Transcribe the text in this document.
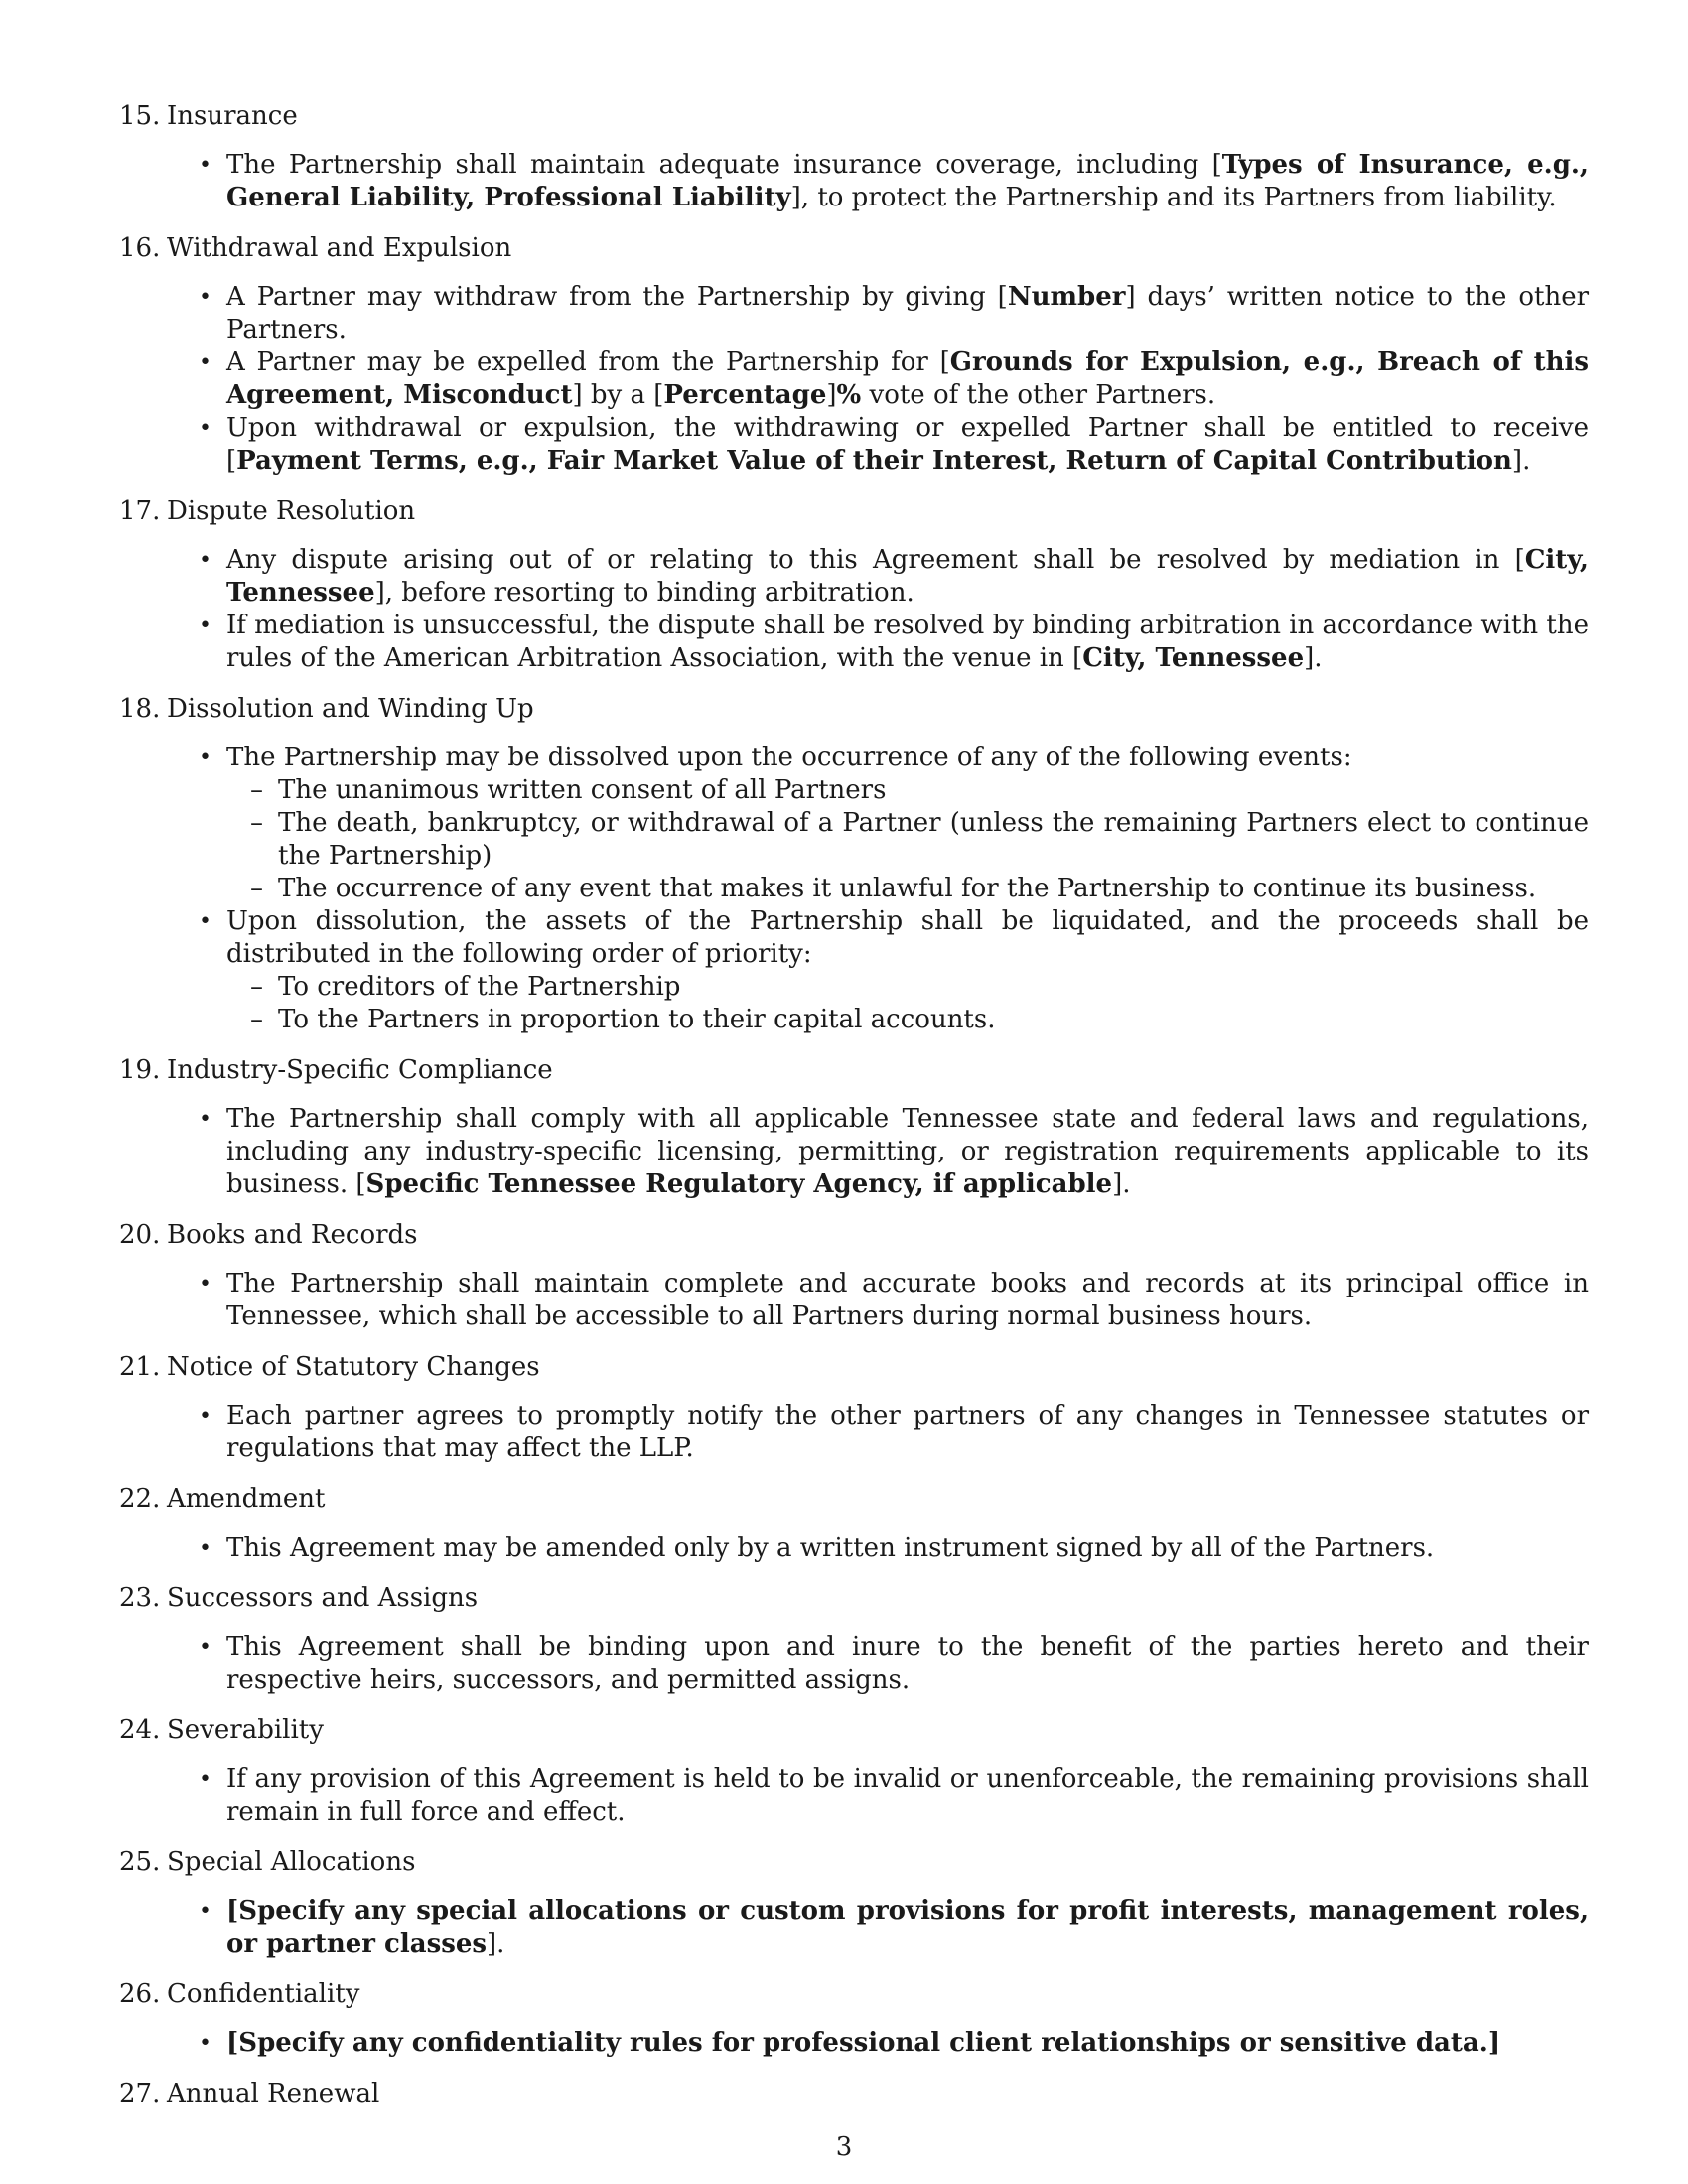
15. Insurance
• The Partnership shall maintain adequate insurance coverage, including [Types of Insurance, e.g., General Liability, Professional Liability], to protect the Partnership and its Partners from liability.
16. Withdrawal and Expulsion
• A Partner may withdraw from the Partnership by giving [Number] days’ written notice to the other Partners.
• A Partner may be expelled from the Partnership for [Grounds for Expulsion, e.g., Breach of this Agreement, Misconduct] by a [Percentage]% vote of the other Partners.
• Upon withdrawal or expulsion, the withdrawing or expelled Partner shall be entitled to receive [Payment Terms, e.g., Fair Market Value of their Interest, Return of Capital Contribution].
17. Dispute Resolution
• Any dispute arising out of or relating to this Agreement shall be resolved by mediation in [City, Tennessee], before resorting to binding arbitration.
• If mediation is unsuccessful, the dispute shall be resolved by binding arbitration in accordance with the rules of the American Arbitration Association, with the venue in [City, Tennessee].
18. Dissolution and Winding Up
• The Partnership may be dissolved upon the occurrence of any of the following events:
– The unanimous written consent of all Partners
– The death, bankruptcy, or withdrawal of a Partner (unless the remaining Partners elect to continue the Partnership)
– The occurrence of any event that makes it unlawful for the Partnership to continue its business.
• Upon dissolution, the assets of the Partnership shall be liquidated, and the proceeds shall be distributed in the following order of priority:
– To creditors of the Partnership
– To the Partners in proportion to their capital accounts.
19. Industry-Specific Compliance
• The Partnership shall comply with all applicable Tennessee state and federal laws and regulations, including any industry-specific licensing, permitting, or registration requirements applicable to its business. [Specific Tennessee Regulatory Agency, if applicable].
20. Books and Records
• The Partnership shall maintain complete and accurate books and records at its principal office in Tennessee, which shall be accessible to all Partners during normal business hours.
21. Notice of Statutory Changes
• Each partner agrees to promptly notify the other partners of any changes in Tennessee statutes or regulations that may affect the LLP.
22. Amendment
• This Agreement may be amended only by a written instrument signed by all of the Partners.
23. Successors and Assigns
• This Agreement shall be binding upon and inure to the benefit of the parties hereto and their respective heirs, successors, and permitted assigns.
24. Severability
• If any provision of this Agreement is held to be invalid or unenforceable, the remaining provisions shall remain in full force and effect.
25. Special Allocations
• [Specify any special allocations or custom provisions for profit interests, management roles, or partner classes].
26. Confidentiality
• [Specify any confidentiality rules for professional client relationships or sensitive data.]
27. Annual Renewal
3
